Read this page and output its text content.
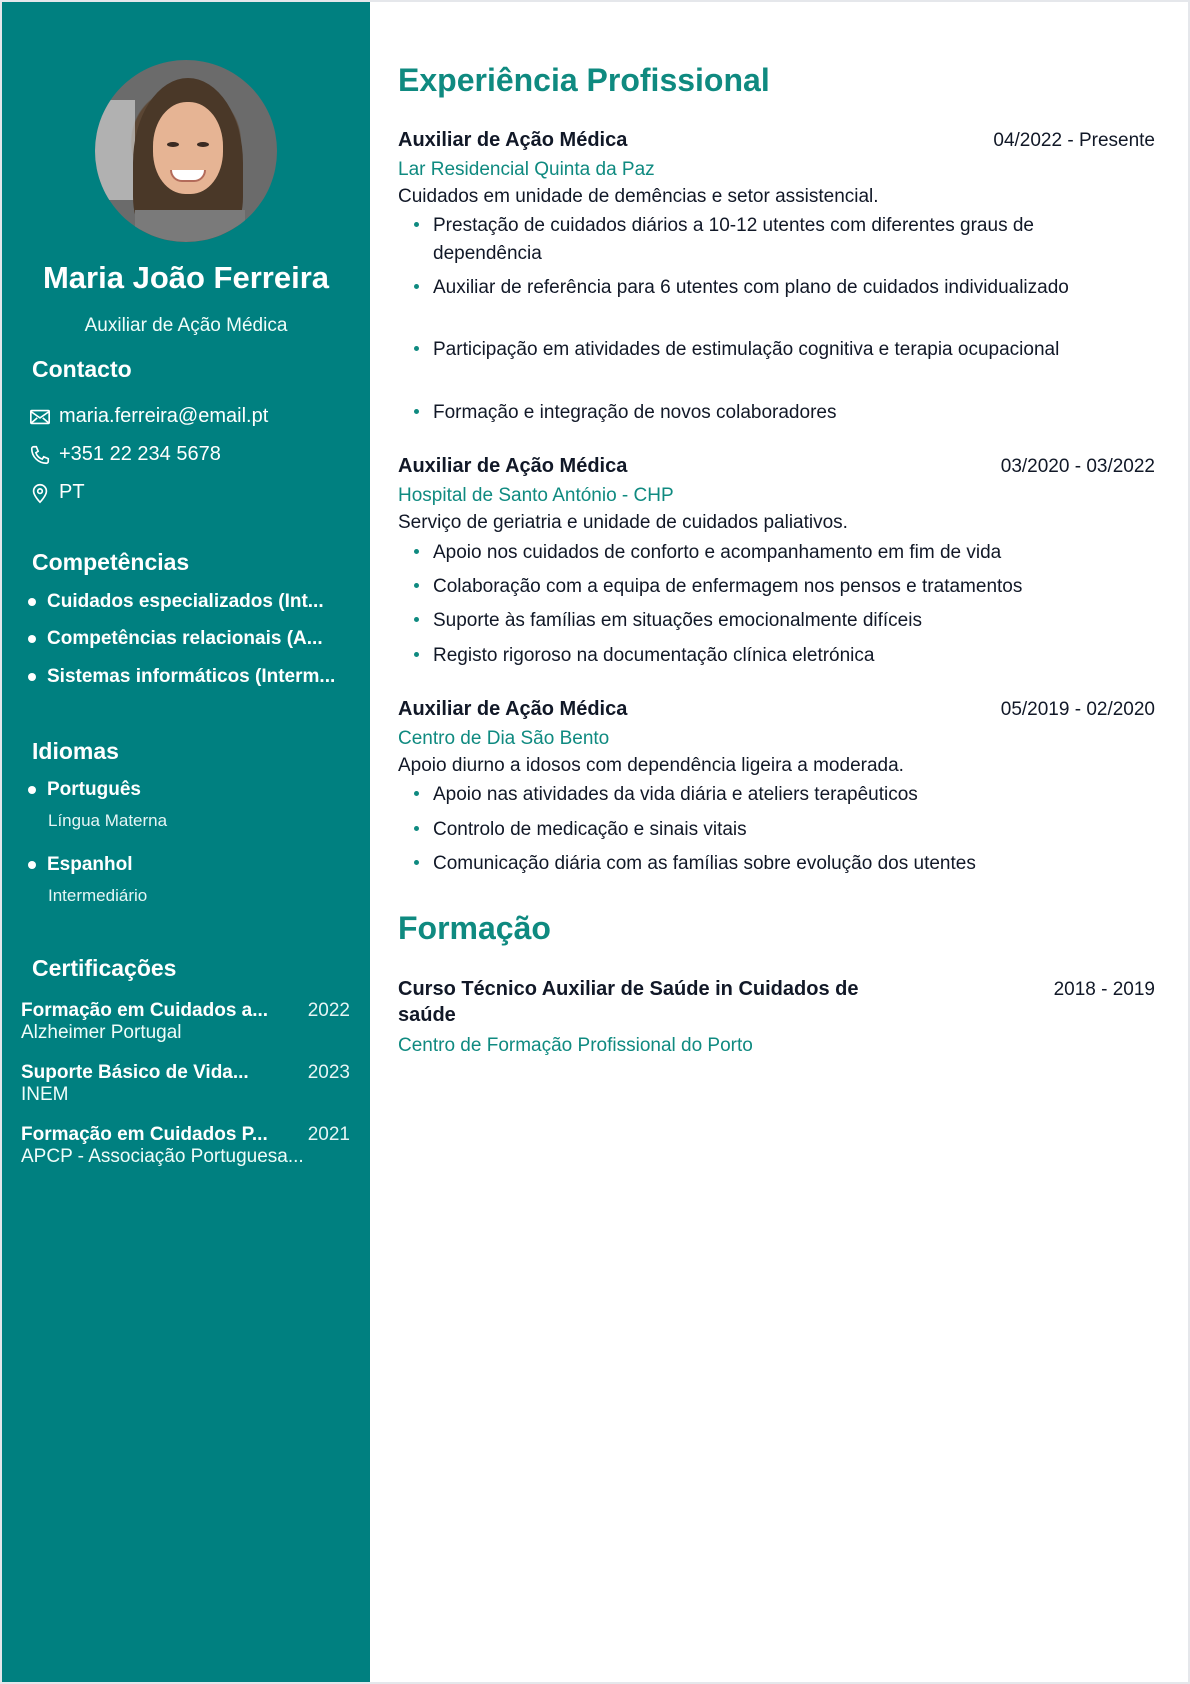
Maria João Ferreira
Auxiliar de Ação Médica
Contacto
maria.ferreira@email.pt
+351 22 234 5678
PT
Competências
Cuidados especializados (Int...
Competências relacionais (A...
Sistemas informáticos (Interm...
Idiomas
Português
Língua Materna
Espanhol
Intermediário
Certificações
Formação em Cuidados a... 2022
Alzheimer Portugal
Suporte Básico de Vida...	2023
INEM
Formação em Cuidados P... 2021
APCP - Associação Portuguesa...
Experiência Profissional
Auxiliar de Ação Médica	04/2022 - Presente
Lar Residencial Quinta da Paz
Cuidados em unidade de demências e setor assistencial.
Prestação de cuidados diários a 10-12 utentes com diferentes graus de dependência
Auxiliar de referência para 6 utentes com plano de cuidados individualizado
Participação em atividades de estimulação cognitiva e terapia ocupacional
Formação e integração de novos colaboradores
Auxiliar de Ação Médica	03/2020 - 03/2022
Hospital de Santo António - CHP
Serviço de geriatria e unidade de cuidados paliativos.
Apoio nos cuidados de conforto e acompanhamento em fim de vida
Colaboração com a equipa de enfermagem nos pensos e tratamentos
Suporte às famílias em situações emocionalmente difíceis
Registo rigoroso na documentação clínica eletrónica
Auxiliar de Ação Médica	05/2019 - 02/2020
Centro de Dia São Bento
Apoio diurno a idosos com dependência ligeira a moderada.
Apoio nas atividades da vida diária e ateliers terapêuticos
Controlo de medicação e sinais vitais
Comunicação diária com as famílias sobre evolução dos utentes
Formação
Curso Técnico Auxiliar de Saúde in Cuidados de
saúde
2018 - 2019
Centro de Formação Profissional do Porto
